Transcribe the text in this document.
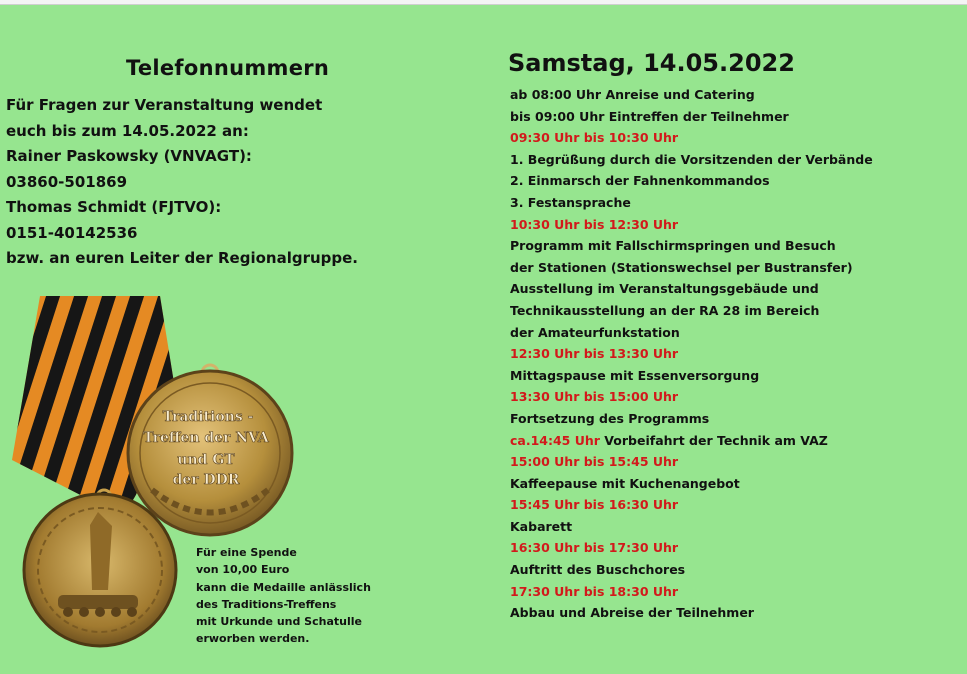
Telefonnummern
Für Fragen zur Veranstaltung wendet
euch bis zum 14.05.2022 an:
Rainer Paskowsky (VNVAGT):
03860-501869
Thomas Schmidt (FJTVO):
0151-40142536
bzw. an euren Leiter der Regionalgruppe.
Traditions -
Treffen der NVA
und GT
der DDR
Für eine Spende
von 10,00 Euro
kann die Medaille anlässlich
des Traditions-Treffens
mit Urkunde und Schatulle
erworben werden.
Samstag, 14.05.2022
ab 08:00 Uhr Anreise und Catering
bis 09:00 Uhr Eintreffen der Teilnehmer
09:30 Uhr bis 10:30 Uhr
1. Begrüßung durch die Vorsitzenden der Verbände
2. Einmarsch der Fahnenkommandos
3. Festansprache
10:30 Uhr bis 12:30 Uhr
Programm mit Fallschirmspringen und Besuch
der Stationen (Stationswechsel per Bustransfer)
Ausstellung im Veranstaltungsgebäude und
Technikausstellung an der RA 28 im Bereich
der Amateurfunkstation
12:30 Uhr bis 13:30 Uhr
Mittagspause mit Essenversorgung
13:30 Uhr bis 15:00 Uhr
Fortsetzung des Programms
ca.14:45 Uhr Vorbeifahrt der Technik am VAZ
15:00 Uhr bis 15:45 Uhr
Kaffeepause mit Kuchenangebot
15:45 Uhr bis 16:30 Uhr
Kabarett
16:30 Uhr bis 17:30 Uhr
Auftritt des Buschchores
17:30 Uhr bis 18:30 Uhr
Abbau und Abreise der Teilnehmer
